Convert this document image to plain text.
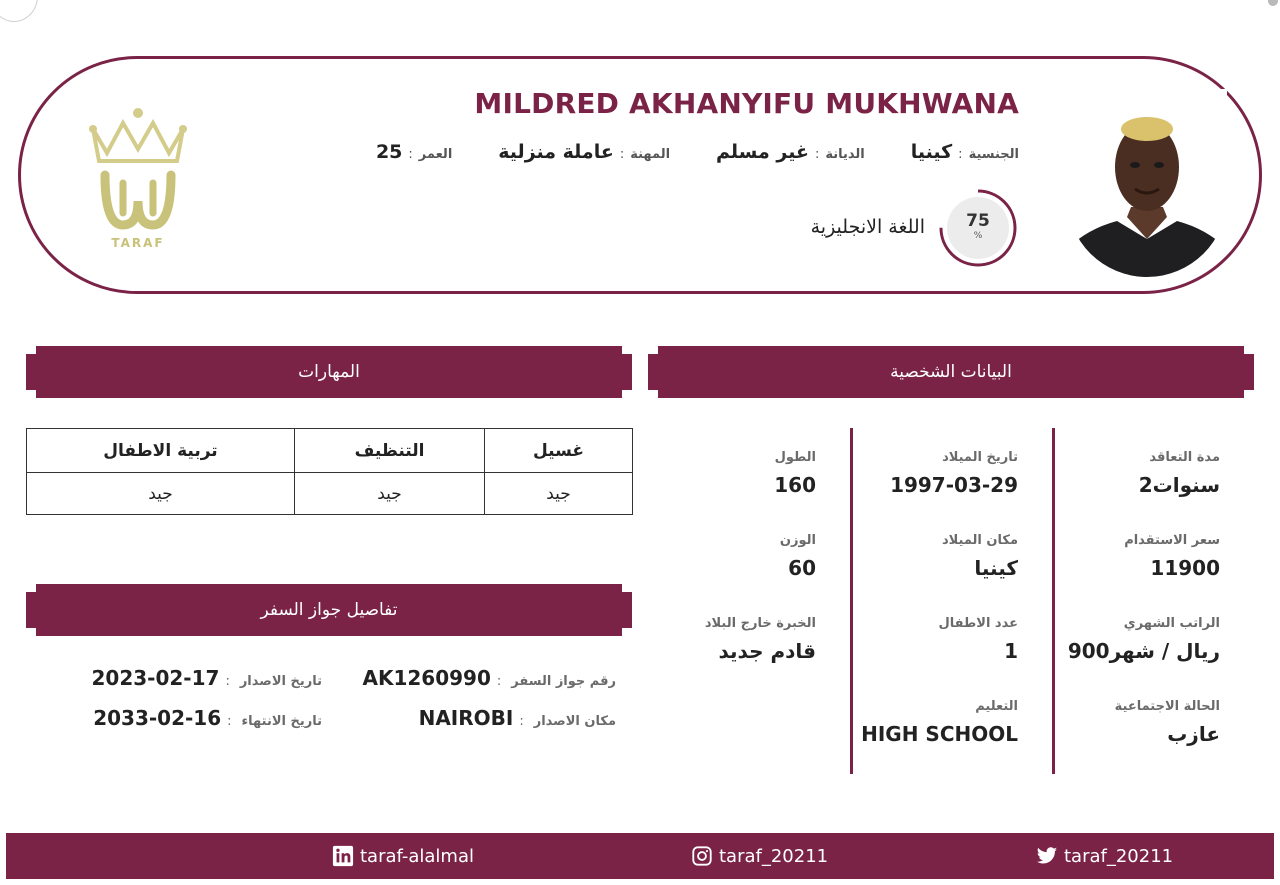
MILDRED AKHANYIFU MUKHWANA
الجنسية
:
كينيا
الديانة
:
غير مسلم
المهنة
:
عاملة منزلية
العمر
:
25
75
%
اللغة الانجليزية
TARAF
البيانات الشخصية
المهارات
تفاصيل جواز السفر
غسيل	التنظيف	تربية الاطفال
جيد	جيد	جيد
مدة التعاقد
2سنوات
سعر الاستقدام
11900
الراتب الشهري
900ريال / شهر
الحالة الاجتماعية
عازب
تاريخ الميلاد
1997-03-29
مكان الميلاد
كينيا
عدد الاطفال
1
التعليم
HIGH SCHOOL
الطول
160
الوزن
60
الخبرة خارج البلاد
قادم جديد
رقم جواز السفر
:
AK1260990
تاريخ الاصدار
:
2023-02-17
مكان الاصدار
:
NAIROBI
تاريخ الانتهاء
:
2033-02-16
taraf_20211
taraf_20211
taraf-alalmal
